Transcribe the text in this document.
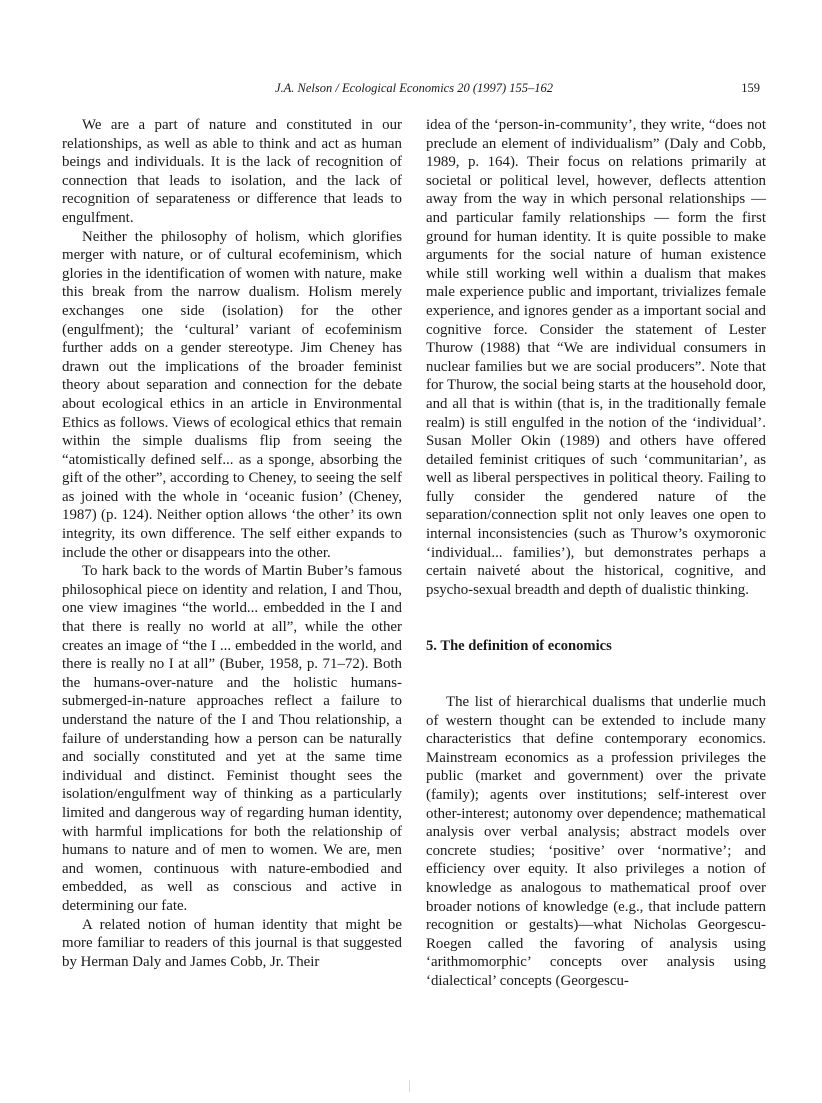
J.A. Nelson / Ecological Economics 20 (1997) 155–162	159

We are a part of nature and constituted in our relationships, as well as able to think and act as human beings and individuals. It is the lack of recognition of connection that leads to isolation, and the lack of recognition of separateness or difference that leads to engulfment.

Neither the philosophy of holism, which glorifies merger with nature, or of cultural ecofeminism, which glories in the identification of women with nature, make this break from the narrow dualism. Holism merely exchanges one side (isolation) for the other (engulfment); the ‘cultural’ variant of ecofeminism further adds on a gender stereotype. Jim Cheney has drawn out the implications of the broader feminist theory about separation and connection for the debate about ecological ethics in an article in Environmental Ethics as follows. Views of ecological ethics that remain within the simple dualisms flip from seeing the “atomistically defined self... as a sponge, absorbing the gift of the other”, according to Cheney, to seeing the self as joined with the whole in ‘oceanic fusion’ (Cheney, 1987) (p. 124). Neither option allows ‘the other’ its own integrity, its own difference. The self either expands to include the other or disappears into the other.

To hark back to the words of Martin Buber’s famous philosophical piece on identity and relation, I and Thou, one view imagines “the world... embedded in the I and that there is really no world at all”, while the other creates an image of “the I ... embedded in the world, and there is really no I at all” (Buber, 1958, p. 71–72). Both the humans-over-nature and the holistic humans-submerged-in-nature approaches reflect a failure to understand the nature of the I and Thou relationship, a failure of understanding how a person can be naturally and socially constituted and yet at the same time individual and distinct. Feminist thought sees the isolation/engulfment way of thinking as a particularly limited and dangerous way of regarding human identity, with harmful implications for both the relationship of humans to nature and of men to women. We are, men and women, continuous with nature-embodied and embedded, as well as conscious and active in determining our fate.

A related notion of human identity that might be more familiar to readers of this journal is that suggested by Herman Daly and James Cobb, Jr. Their

idea of the ‘person-in-community’, they write, “does not preclude an element of individualism” (Daly and Cobb, 1989, p. 164). Their focus on relations primarily at societal or political level, however, deflects attention away from the way in which personal relationships — and particular family relationships — form the first ground for human identity. It is quite possible to make arguments for the social nature of human existence while still working well within a dualism that makes male experience public and important, trivializes female experience, and ignores gender as a important social and cognitive force. Consider the statement of Lester Thurow (1988) that “We are individual consumers in nuclear families but we are social producers”. Note that for Thurow, the social being starts at the household door, and all that is within (that is, in the traditionally female realm) is still engulfed in the notion of the ‘individual’. Susan Moller Okin (1989) and others have offered detailed feminist critiques of such ‘communitarian’, as well as liberal perspectives in political theory. Failing to fully consider the gendered nature of the separation/connection split not only leaves one open to internal inconsistencies (such as Thurow’s oxymoronic ‘individual... families’), but demonstrates perhaps a certain naiveté about the historical, cognitive, and psycho-sexual breadth and depth of dualistic thinking.

5. The definition of economics

The list of hierarchical dualisms that underlie much of western thought can be extended to include many characteristics that define contemporary economics. Mainstream economics as a profession privileges the public (market and government) over the private (family); agents over institutions; self-interest over other-interest; autonomy over dependence; mathematical analysis over verbal analysis; abstract models over concrete studies; ‘positive’ over ‘normative’; and efficiency over equity. It also privileges a notion of knowledge as analogous to mathematical proof over broader notions of knowledge (e.g., that include pattern recognition or gestalts)—what Nicholas Georgescu-Roegen called the favoring of analysis using ‘arithmomorphic’ concepts over analysis using ‘dialectical’ concepts (Georgescu-
